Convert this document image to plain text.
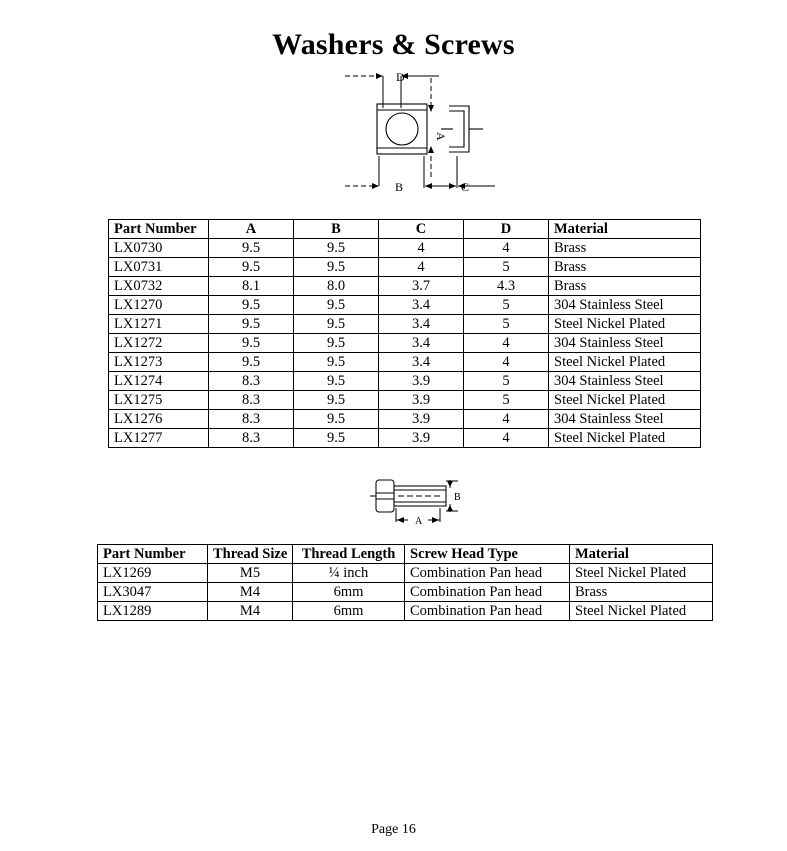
Washers & Screws
D
B	C
A
Part Number	A	B	C	D	Material
LX0730	9.5	9.5	4	4	Brass
LX0731	9.5	9.5	4	5	Brass
LX0732	8.1	8.0	3.7	4.3	Brass
LX1270	9.5	9.5	3.4	5	304 Stainless Steel
LX1271	9.5	9.5	3.4	5	Steel Nickel Plated
LX1272	9.5	9.5	3.4	4	304 Stainless Steel
LX1273	9.5	9.5	3.4	4	Steel Nickel Plated
LX1274	8.3	9.5	3.9	5	304 Stainless Steel
LX1275	8.3	9.5	3.9	5	Steel Nickel Plated
LX1276	8.3	9.5	3.9	4	304 Stainless Steel
LX1277	8.3	9.5	3.9	4	Steel Nickel Plated
B
A
Part Number	Thread Size	Thread Length	Screw Head Type	Material
LX1269	M5	¼ inch	Combination Pan head	Steel Nickel Plated
LX3047	M4	6mm	Combination Pan head	Brass
LX1289	M4	6mm	Combination Pan head	Steel Nickel Plated
Page 16
